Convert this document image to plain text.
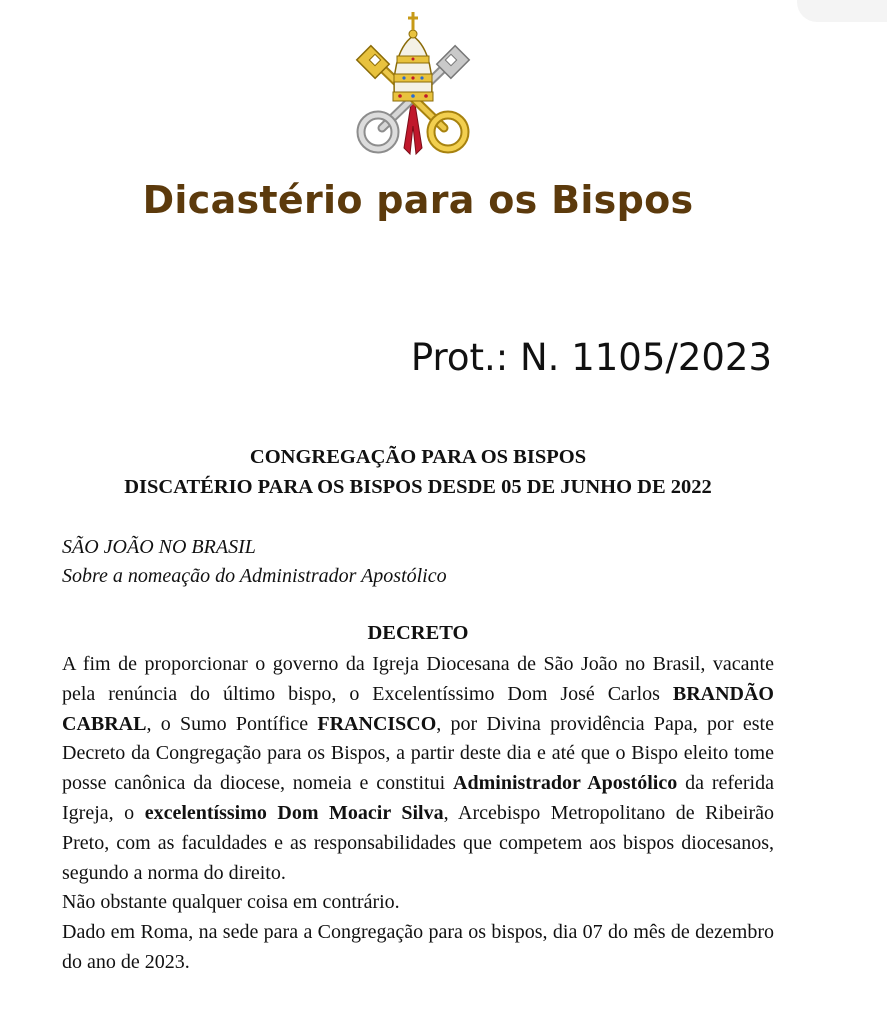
Dicastério para os Bispos
Prot.: N. 1105/2023
CONGREGAÇÃO PARA OS BISPOS
DISCATÉRIO PARA OS BISPOS DESDE 05 DE JUNHO DE 2022
SÃO JOÃO NO BRASIL
Sobre a nomeação do Administrador Apostólico
DECRETO

A fim de proporcionar o governo da Igreja Diocesana de São João no Brasil, vacante pela renúncia do último bispo, o Excelentíssimo Dom José Carlos BRANDÃO CABRAL, o Sumo Pontífice FRANCISCO, por Divina providência Papa, por este Decreto da Congregação para os Bispos, a partir deste dia e até que o Bispo eleito tome posse canônica da diocese, nomeia e constitui Administrador Apostólico da referida Igreja, o excelentíssimo Dom Moacir Silva, Arcebispo Metropolitano de Ribeirão Preto, com as faculdades e as responsabilidades que competem aos bispos diocesanos, segundo a norma do direito.

Não obstante qualquer coisa em contrário.

Dado em Roma, na sede para a Congregação para os bispos, dia 07 do mês de dezembro do ano de 2023.
